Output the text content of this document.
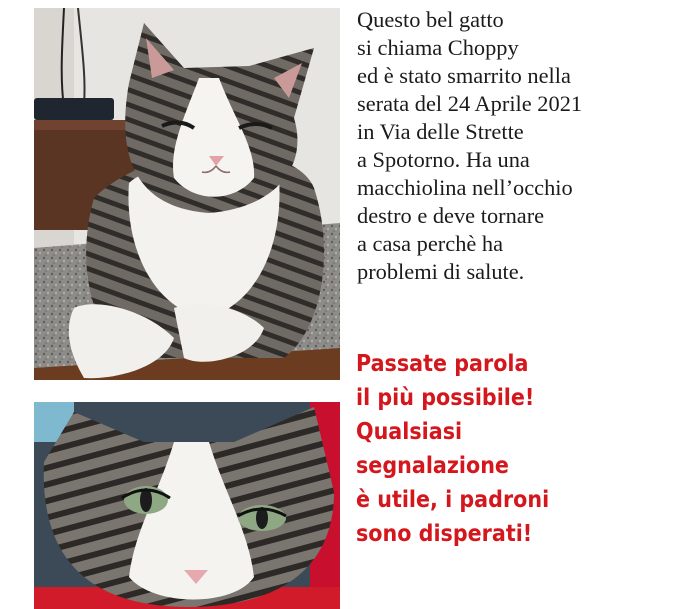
Questo bel gatto
si chiama Choppy
ed è stato smarrito nella
serata del 24 Aprile 2021
in Via delle Strette
a Spotorno. Ha una
macchiolina nell’occhio
destro e deve tornare
a casa perchè ha
problemi di salute.

Passate parola
il più possibile!
Qualsiasi
segnalazione
è utile, i padroni
sono disperati!
